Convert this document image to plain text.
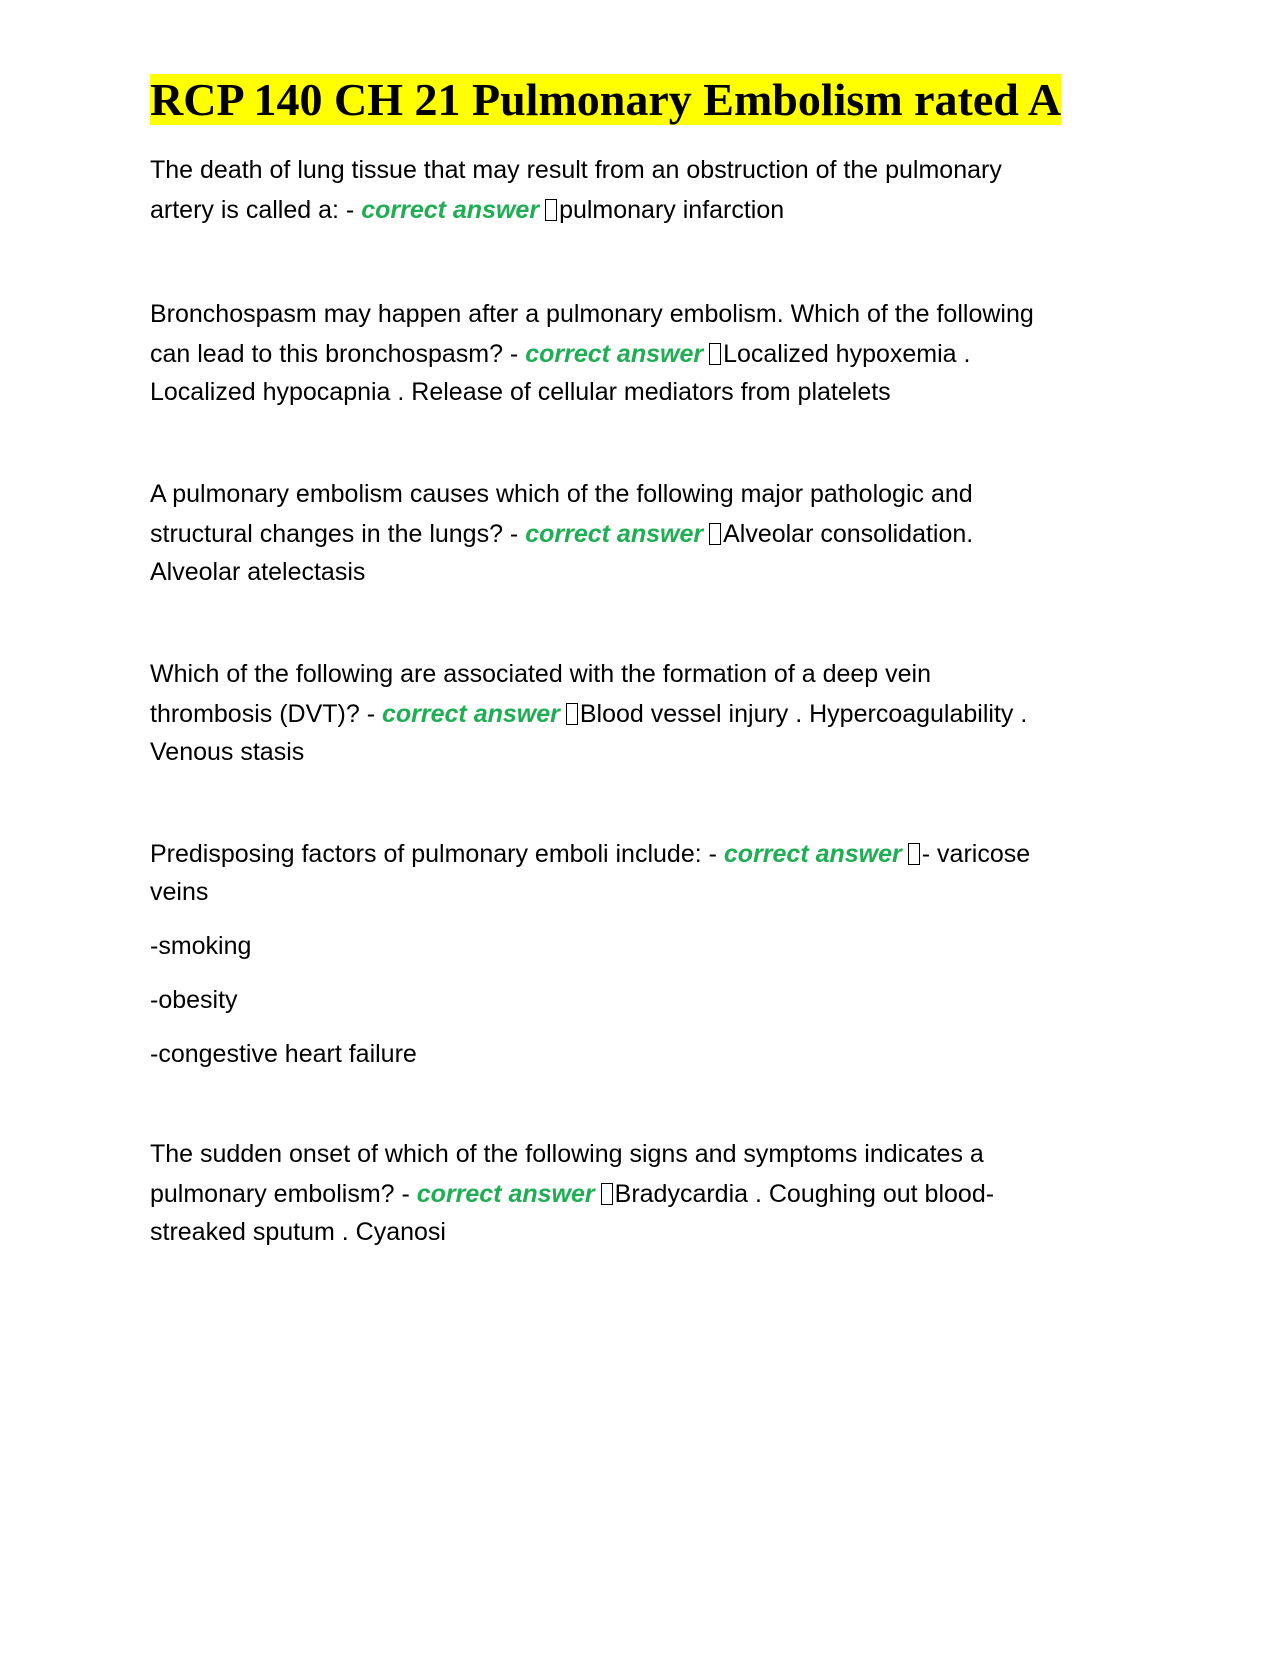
RCP 140 CH 21 Pulmonary Embolism rated A
The death of lung tissue that may result from an obstruction of the pulmonary
artery is called a: - correct answer pulmonary infarction
Bronchospasm may happen after a pulmonary embolism. Which of the following
can lead to this bronchospasm? - correct answer Localized hypoxemia .
Localized hypocapnia . Release of cellular mediators from platelets
A pulmonary embolism causes which of the following major pathologic and
structural changes in the lungs? - correct answer Alveolar consolidation.
Alveolar atelectasis
Which of the following are associated with the formation of a deep vein
thrombosis (DVT)? - correct answer Blood vessel injury . Hypercoagulability .
Venous stasis
Predisposing factors of pulmonary emboli include: - correct answer - varicose
veins
-smoking
-obesity
-congestive heart failure
The sudden onset of which of the following signs and symptoms indicates a
pulmonary embolism? - correct answer Bradycardia . Coughing out blood-
streaked sputum . Cyanosi
